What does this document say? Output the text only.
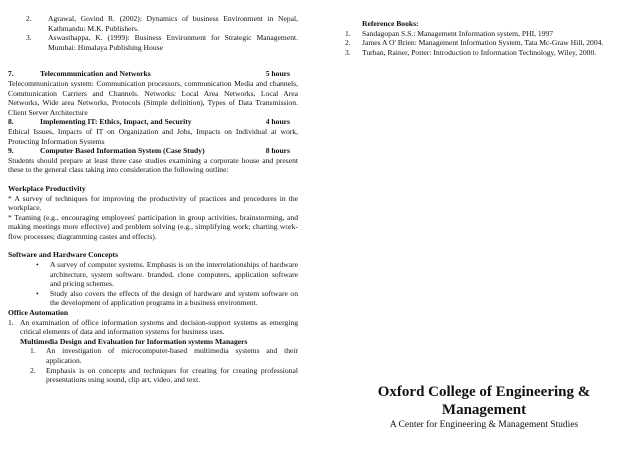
2.	Agrawal, Govind R. (2002): Dynamics of business Environment in Nepal, Kathmandu: M.K. Publishers.
3.	Aswasthappa, K. (1999): Business Environment for Strategic Management. Mumbai: Himalaya Publishing House
7.	Telecommunication and Networks	5 hours
Telecommunication system: Communication processors, communication Media and channels, Communication Carriers and Channels. Networks: Local Area Networks, Local Area Networks, Wide area Networks, Protocols (Simple definition), Types of Data Transmission. Client Server Architecture
8.	Implementing IT: Ethics, Impact, and Security	4 hours
Ethical Issues, Impacts of IT on Organization and Jobs, Impacts on Individual at work, Protecting Information Systems
9.	Computer Based Information System (Case Study)	8 hours
Students should prepare at least three case studies examining a corporate house and present these to the general class taking into consideration the following outline:
Workplace Productivity
* A survey of techniques for improving the productivity of practices and procedures in the workplace.
* Teaming (e.g., encouraging employees' participation in group activities, brainstorming, and making meetings more effective) and problem solving (e.g., simplifying work; charting work-flow processes; diagramming castes and effects).
Software and Hardware Concepts
•	A survey of computer systems. Emphasis is on the interrelationships of hardware architecture, system software. branded, clone computers, application software and pricing schemes.
•	Study also covers the effects of the design of hardware and system software on the development of application programs in a business environment.
Office Automation
1. An examination of office information systems and decision-support systems as emerging critical elements of data and information systems for business uses.
Multimedia Design and Evaluation for Information systems Managers
1.	An investigation of microcomputer-based multimedia systems and their application.
2.	Emphasis is on concepts and techniques for creating for creating professional presentations using sound, clip art, video, and text.
Reference Books:
1.	Sandagopan S.S.: Management Information system, PHI, 1997
2.	James A O' Brien: Management Information System, Tata Mc-Graw Hill, 2004.
3.	Turban, Rainer, Potter: Introduction to Information Technology, Wiley, 2000.
Oxford College of Engineering & Management
A Center for Engineering & Management Studies
